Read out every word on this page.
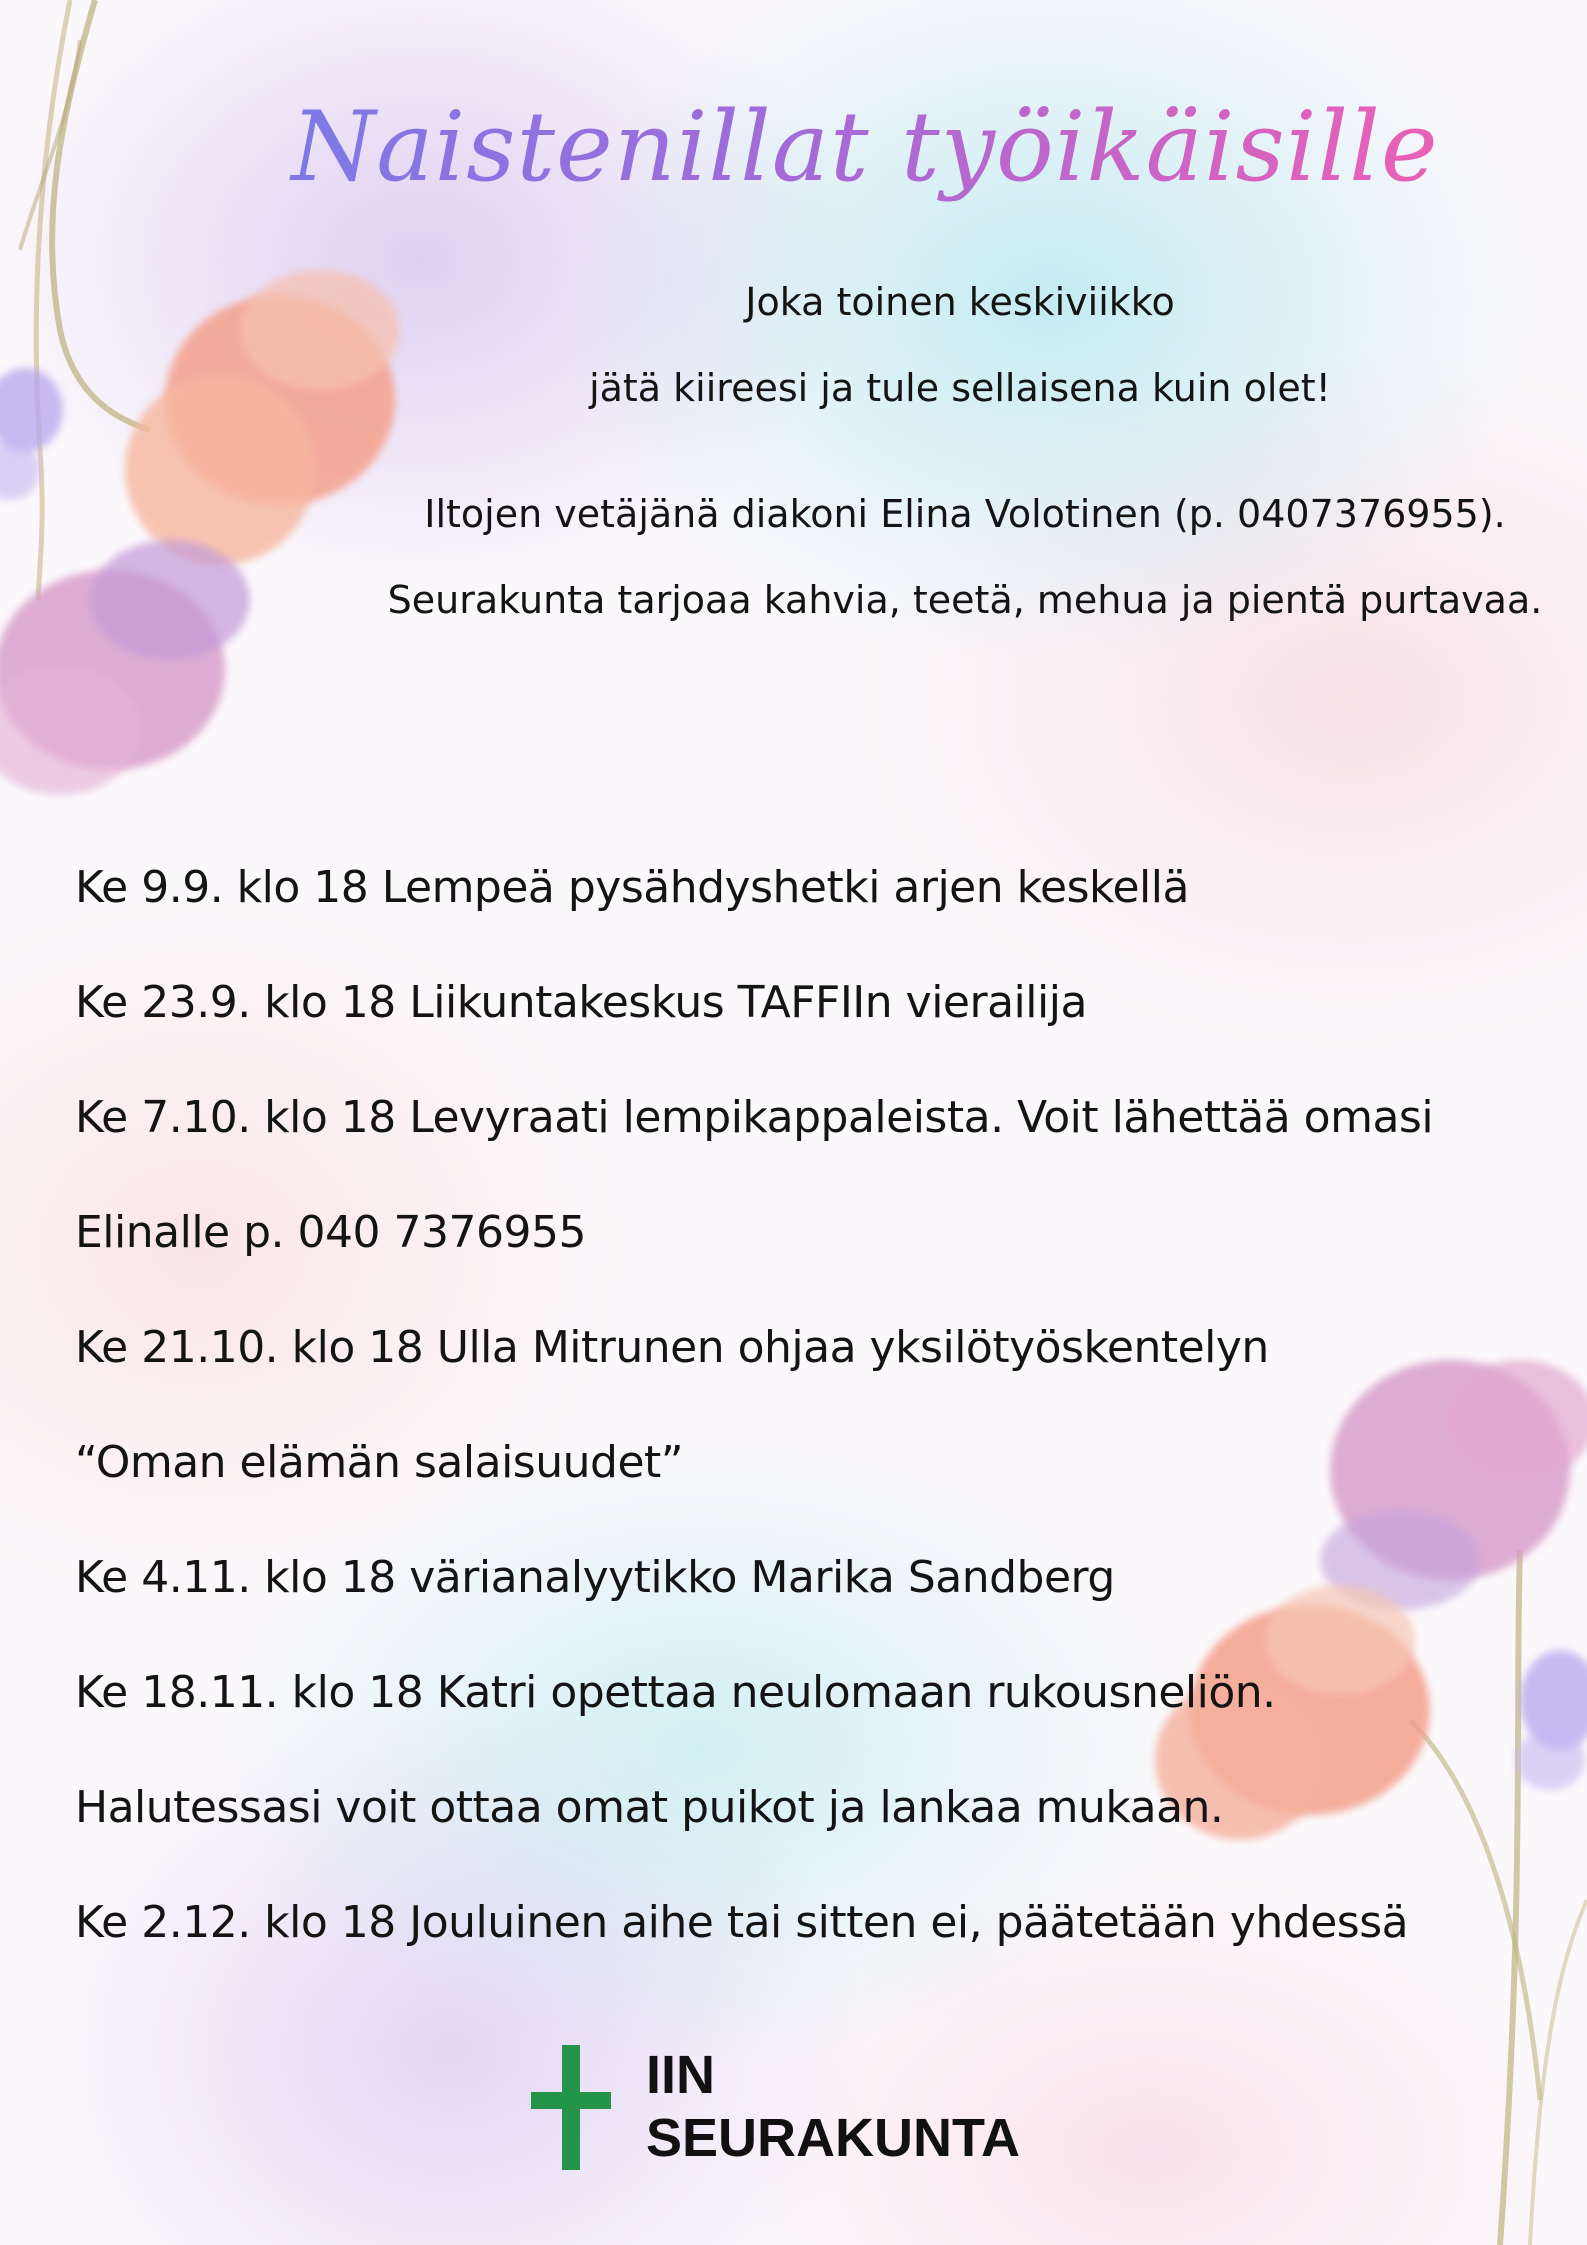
Naistenillat työikäisille

Joka toinen keskiviikko

jätä kiireesi ja tule sellaisena kuin olet!

Iltojen vetäjänä diakoni Elina Volotinen (p. 0407376955).

Seurakunta tarjoaa kahvia, teetä, mehua ja pientä purtavaa.

Ke 9.9. klo 18 Lempeä pysähdyshetki arjen keskellä

Ke 23.9. klo 18 Liikuntakeskus TAFFIIn vierailija

Ke 7.10. klo 18 Levyraati lempikappaleista. Voit lähettää omasi

Elinalle p. 040 7376955

Ke 21.10. klo 18 Ulla Mitrunen ohjaa yksilötyöskentelyn

“Oman elämän salaisuudet”

Ke 4.11. klo 18 värianalyytikko Marika Sandberg

Ke 18.11. klo 18 Katri opettaa neulomaan rukousneliön.

Halutessasi voit ottaa omat puikot ja lankaa mukaan.

Ke 2.12. klo 18 Jouluinen aihe tai sitten ei, päätetään yhdessä

IIN
SEURAKUNTA
